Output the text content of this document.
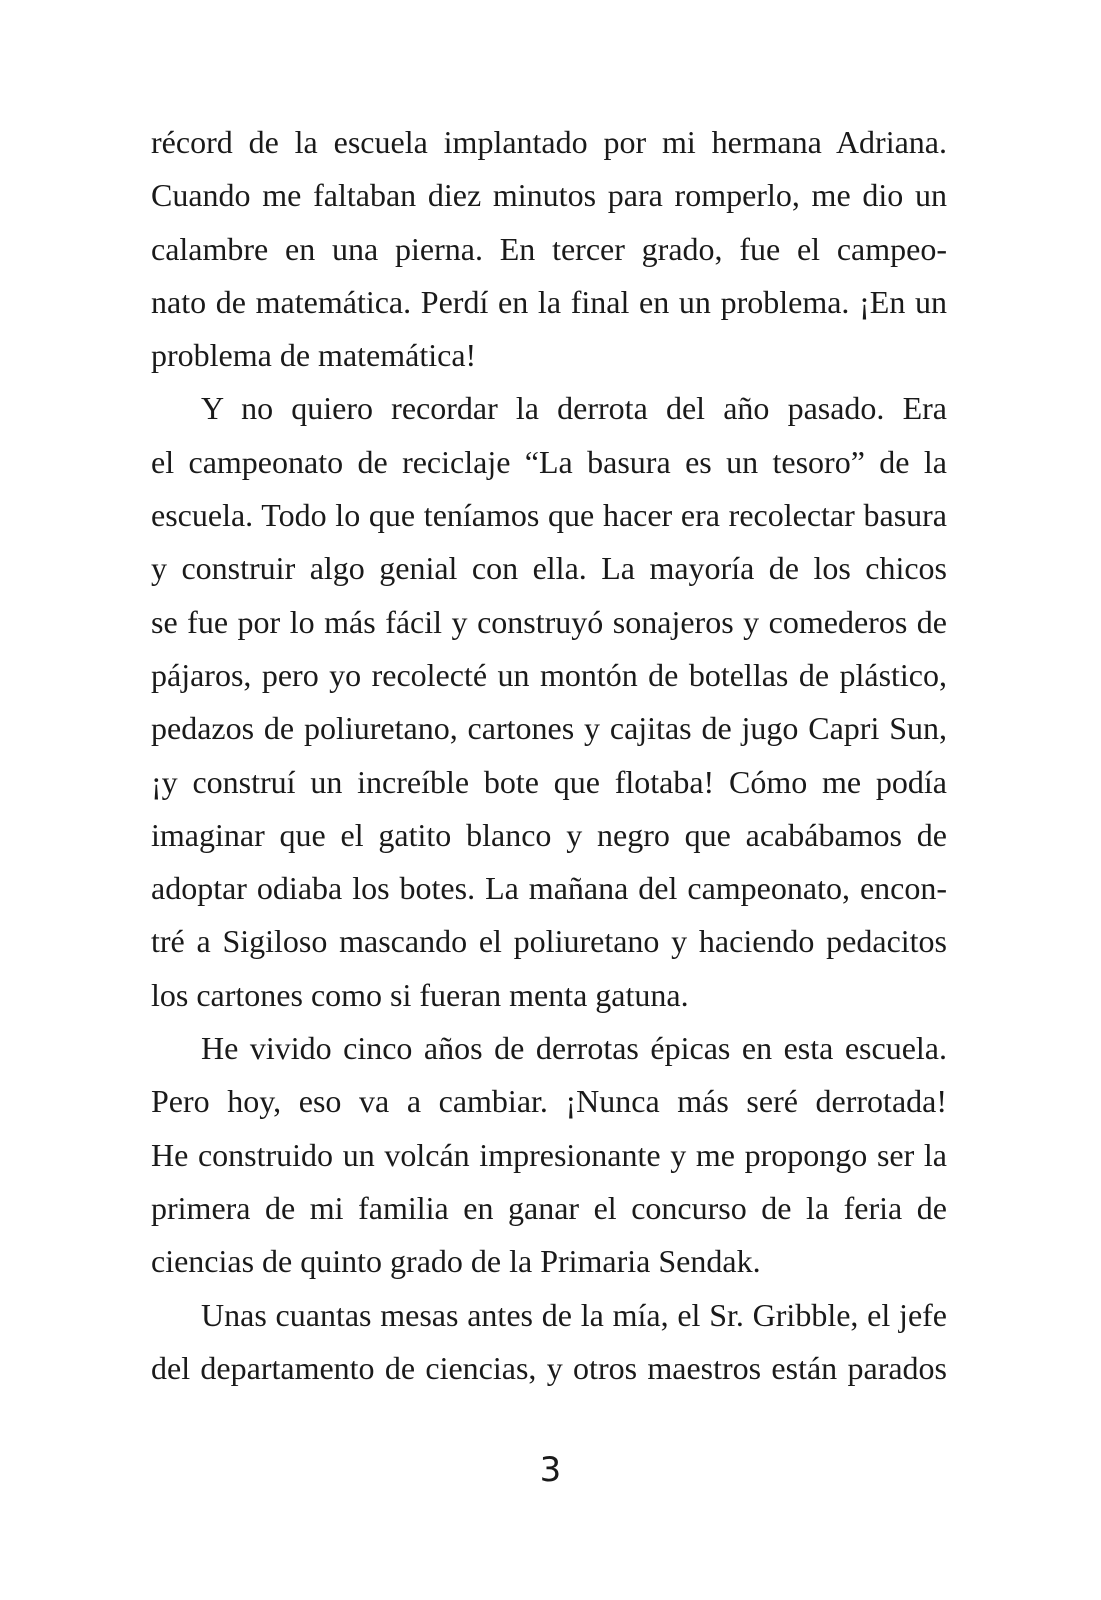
récord de la escuela implantado por mi hermana Adriana.
Cuando me faltaban diez minutos para romperlo, me dio un
calambre en una pierna. En tercer grado, fue el campeo-
nato de matemática. Perdí en la final en un problema. ¡En un
problema de matemática!
Y no quiero recordar la derrota del año pasado. Era
el campeonato de reciclaje “La basura es un tesoro” de la
escuela. Todo lo que teníamos que hacer era recolectar basura
y construir algo genial con ella. La mayoría de los chicos
se fue por lo más fácil y construyó sonajeros y comederos de
pájaros, pero yo recolecté un montón de botellas de plástico,
pedazos de poliuretano, cartones y cajitas de jugo Capri Sun,
¡y construí un increíble bote que flotaba! Cómo me podía
imaginar que el gatito blanco y negro que acabábamos de
adoptar odiaba los botes. La mañana del campeonato, encon-
tré a Sigiloso mascando el poliuretano y haciendo pedacitos
los cartones como si fueran menta gatuna.
He vivido cinco años de derrotas épicas en esta escuela.
Pero hoy, eso va a cambiar. ¡Nunca más seré derrotada!
He construido un volcán impresionante y me propongo ser la
primera de mi familia en ganar el concurso de la feria de
ciencias de quinto grado de la Primaria Sendak.
Unas cuantas mesas antes de la mía, el Sr. Gribble, el jefe
del departamento de ciencias, y otros maestros están parados
3
